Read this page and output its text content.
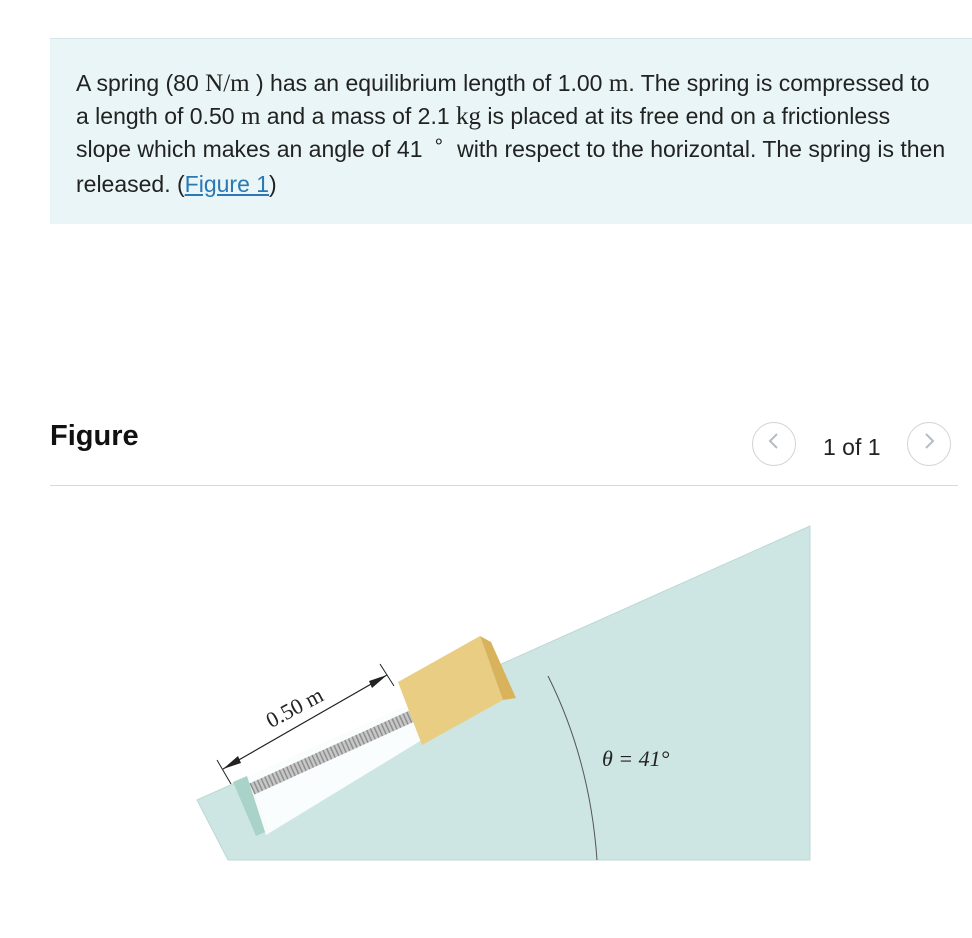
A spring (80 N/m ) has an equilibrium length of 1.00 m. The spring is compressed to a length of 0.50 m and a mass of 2.1 kg is placed at its free end on a frictionless slope which makes an angle of 41 ∘ with respect to the horizontal. The spring is then released. (Figure 1)
Figure	1 of 1
0.50 m
θ = 41°
